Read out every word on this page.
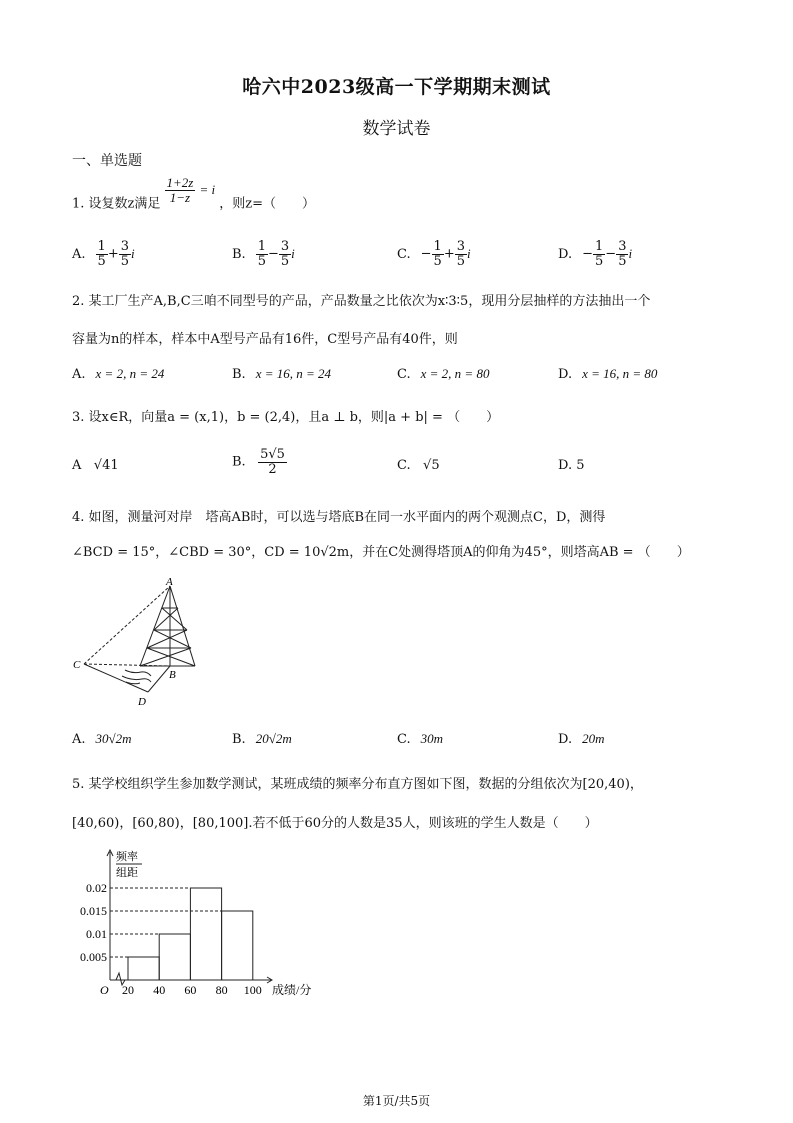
哈六中2023级高一下学期期末测试
数学试卷
一、单选题
1. 设复数z满足 $\frac{1+2z}{1-z} = i$ ，则z=（　　）
A. $\frac{1}{5} + \frac{3}{5}$ i	B. $\frac{1}{5} - \frac{3}{5}$ i	C. − $\frac{1}{5} + \frac{3}{5}$ i	D. − $\frac{1}{5} - \frac{3}{5}$ i
2. 某工厂生产A,B,C三咱不同型号的产品，产品数量之比依次为x∶3∶5，现用分层抽样的方法抽出一个
容量为n的样本，样本中A型号产品有16件，C型号产品有40件，则
A. x = 2, n = 24	B. x = 16, n = 24	C. x = 2, n = 80	D. x = 16, n = 80
3. 设x∈R，向量a = (x,1)，b = (2,4)，且a ⊥ b，则|a + b| = （　　）
A √41	B. $\frac{5√5}{2}$	C. √5	D. 5
4. 如图，测量河对岸　塔高AB时，可以选与塔底B在同一水平面内的两个观测点C，D，测得
∠BCD = 15°，∠CBD = 30°，CD = 10√2m，并在C处测得塔顶A的仰角为45°，则塔高AB = （　　）
A
B
C
D
A. 30√2m	B. 20√2m	C. 30m	D. 20m
5. 某学校组织学生参加数学测试，某班成绩的频率分布直方图如下图，数据的分组依次为[20,40)，
[40,60)，[60,80)，[80,100].若不低于60分的人数是35人，则该班的学生人数是（　　）
频率
组距
0.005
0.01
0.015
0.02
20 40 60 80 100
O	成绩/分
第1页/共5页
